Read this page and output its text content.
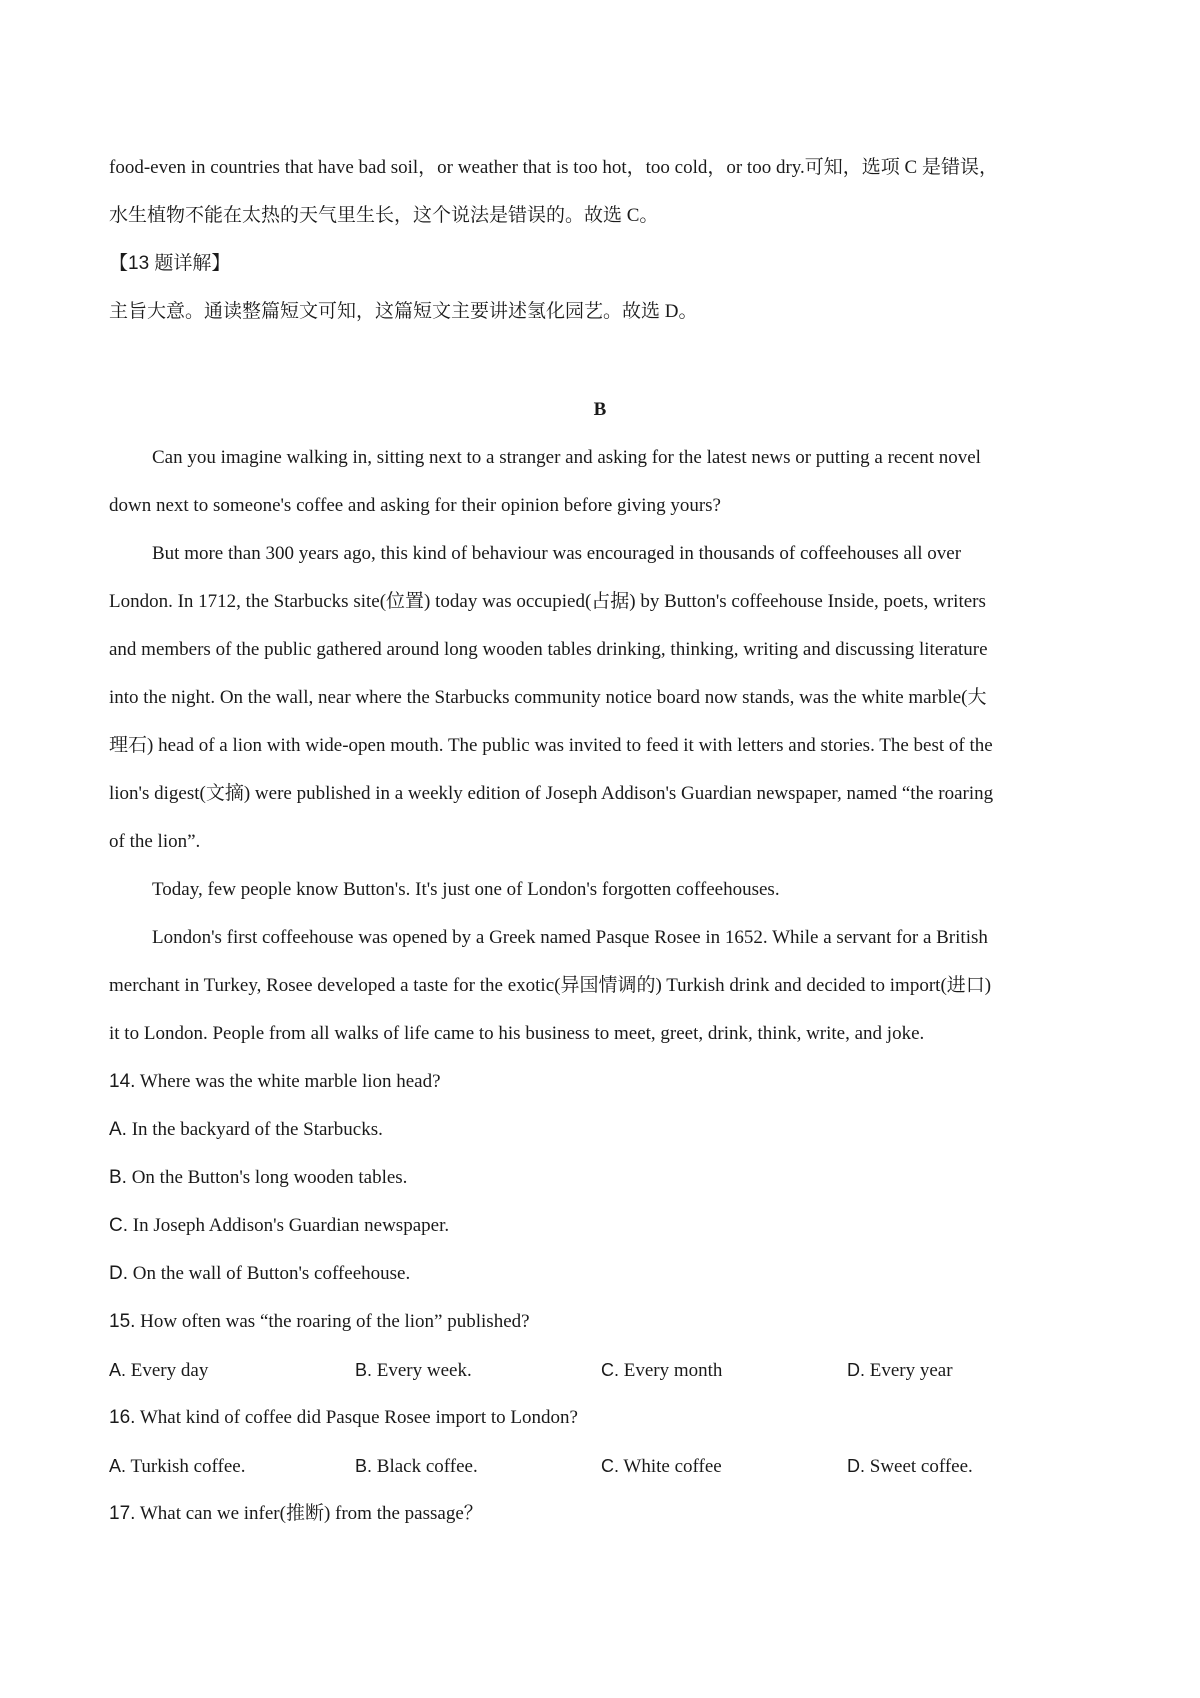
food-even in countries that have bad soil，or weather that is too hot，too cold，or too dry.可知，选项 C 是错误，
水生植物不能在太热的天气里生长，这个说法是错误的。故选 C。
【13 题详解】
主旨大意。通读整篇短文可知，这篇短文主要讲述氢化园艺。故选 D。
B
Can you imagine walking in, sitting next to a stranger and asking for the latest news or putting a recent novel
down next to someone's coffee and asking for their opinion before giving yours?
But more than 300 years ago, this kind of behaviour was encouraged in thousands of coffeehouses all over
London. In 1712, the Starbucks site(位置) today was occupied(占据) by Button's coffeehouse Inside, poets, writers
and members of the public gathered around long wooden tables drinking, thinking, writing and discussing literature
into the night. On the wall, near where the Starbucks community notice board now stands, was the white marble(大
理石) head of a lion with wide-open mouth. The public was invited to feed it with letters and stories. The best of the
lion's digest(文摘) were published in a weekly edition of Joseph Addison's Guardian newspaper, named “the roaring
of the lion”.
Today, few people know Button's. It's just one of London's forgotten coffeehouses.
London's first coffeehouse was opened by a Greek named Pasque Rosee in 1652. While a servant for a British
merchant in Turkey, Rosee developed a taste for the exotic(异国情调的) Turkish drink and decided to import(进口)
it to London. People from all walks of life came to his business to meet, greet, drink, think, write, and joke.
14. Where was the white marble lion head?
A. In the backyard of the Starbucks.
B. On the Button's long wooden tables.
C. In Joseph Addison's Guardian newspaper.
D. On the wall of Button's coffeehouse.
15. How often was “the roaring of the lion” published?
A. Every day	B. Every week.	C. Every month	D. Every year
16. What kind of coffee did Pasque Rosee import to London?
A. Turkish coffee.	B. Black coffee.	C. White coffee	D. Sweet coffee.
17. What can we infer(推断) from the passage？
